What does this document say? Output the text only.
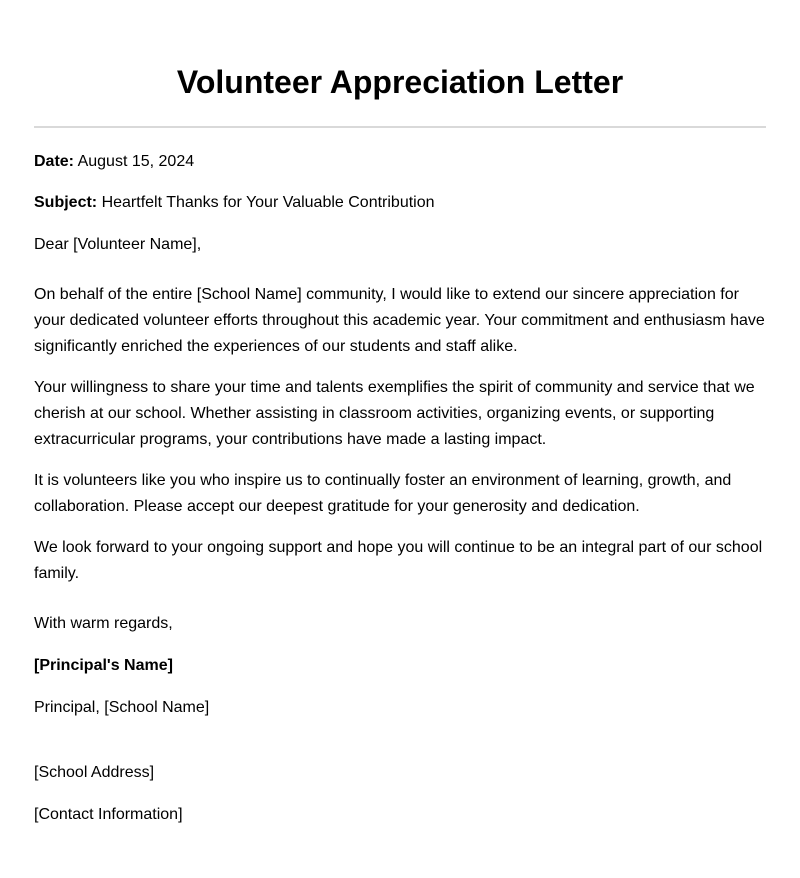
Volunteer Appreciation Letter
Date: August 15, 2024
Subject: Heartfelt Thanks for Your Valuable Contribution
Dear [Volunteer Name],

On behalf of the entire [School Name] community, I would like to extend our sincere appreciation for your dedicated volunteer efforts throughout this academic year. Your commitment and enthusiasm have significantly enriched the experiences of our students and staff alike.

Your willingness to share your time and talents exemplifies the spirit of community and service that we cherish at our school. Whether assisting in classroom activities, organizing events, or supporting extracurricular programs, your contributions have made a lasting impact.

It is volunteers like you who inspire us to continually foster an environment of learning, growth, and collaboration. Please accept our deepest gratitude for your generosity and dedication.

We look forward to your ongoing support and hope you will continue to be an integral part of our school family.

With warm regards,
[Principal's Name]
Principal, [School Name]
[School Address]
[Contact Information]
